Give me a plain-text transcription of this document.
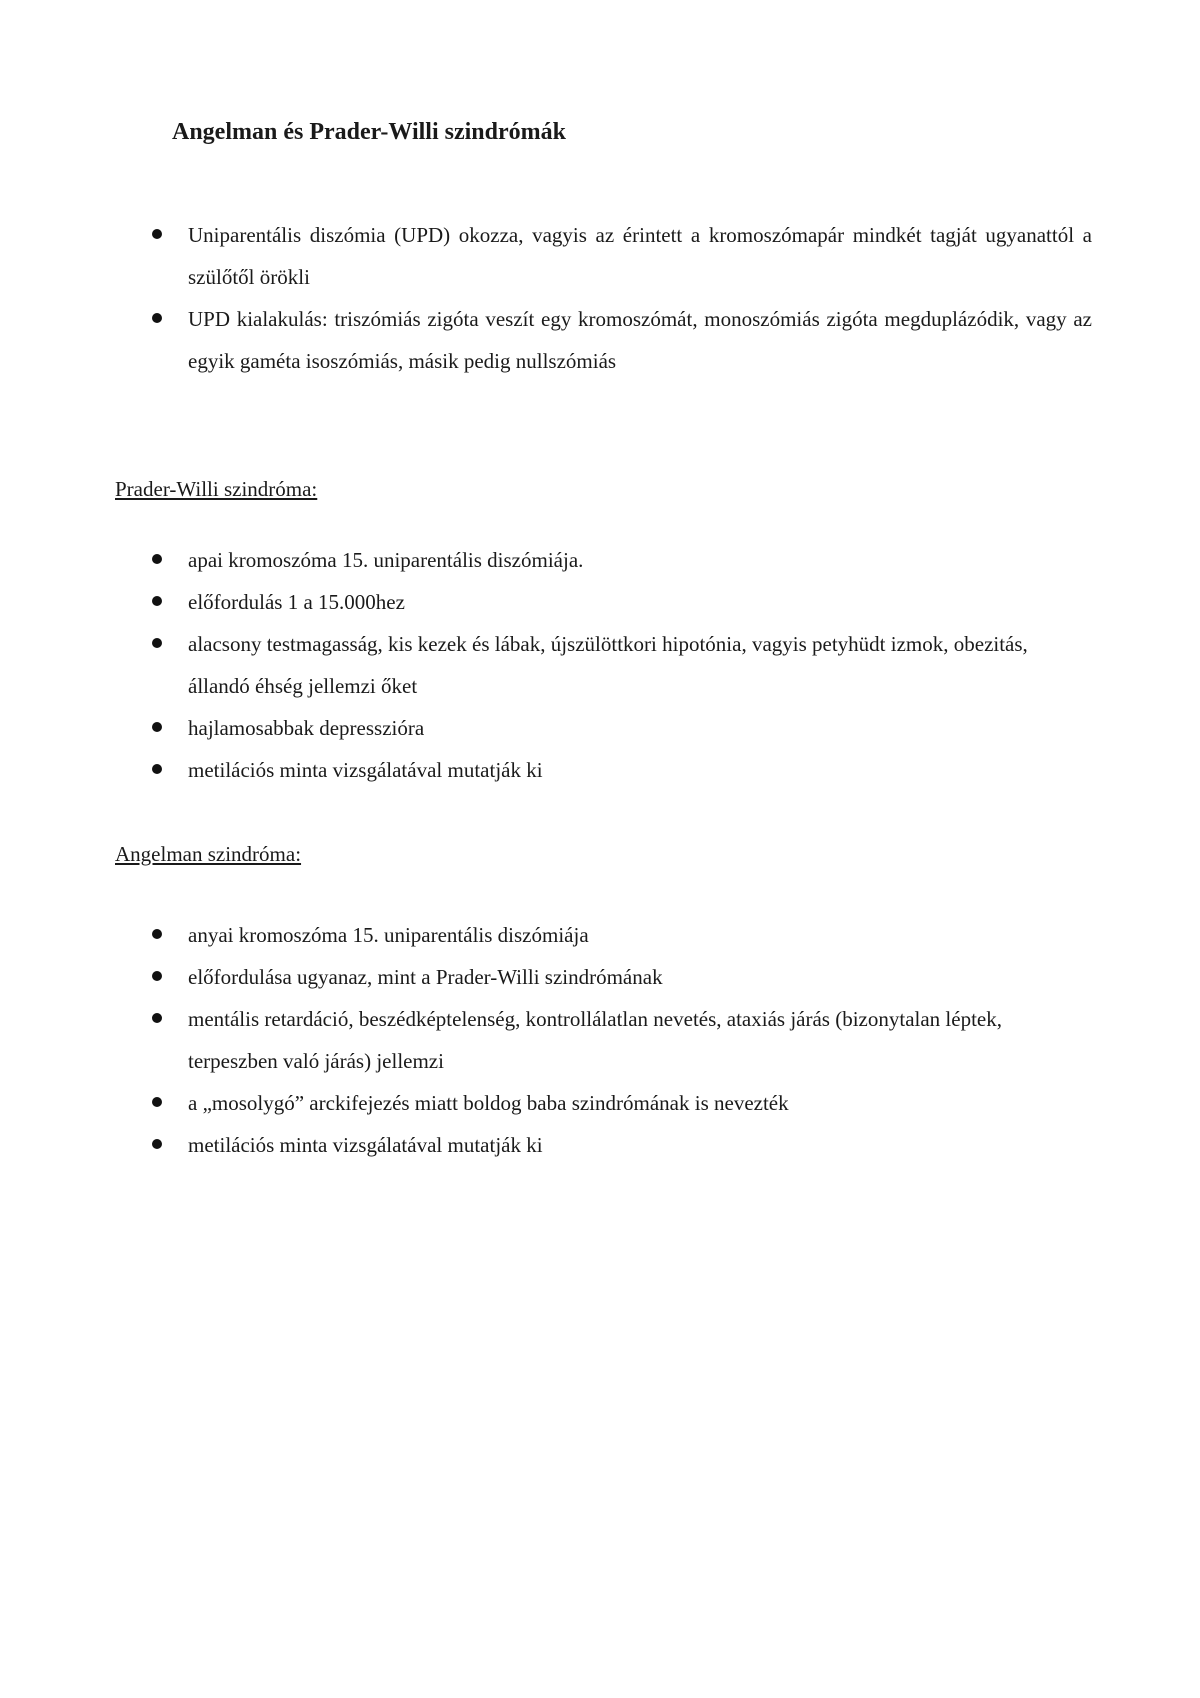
Angelman és Prader-Willi szindrómák
Uniparentális diszómia (UPD) okozza, vagyis az érintett a kromoszómapár mindkét tagját ugyanattól a szülőtől örökli
UPD kialakulás: triszómiás zigóta veszít egy kromoszómát, monoszómiás zigóta megduplázódik, vagy az egyik gaméta isoszómiás, másik pedig nullszómiás

Prader-Willi szindróma:

apai kromoszóma 15. uniparentális diszómiája.
előfordulás 1 a 15.000hez
alacsony testmagasság, kis kezek és lábak, újszülöttkori hipotónia, vagyis petyhüdt izmok, obezitás, állandó éhség jellemzi őket
hajlamosabbak depresszióra
metilációs minta vizsgálatával mutatják ki

Angelman szindróma:

anyai kromoszóma 15. uniparentális diszómiája
előfordulása ugyanaz, mint a Prader-Willi szindrómának
mentális retardáció, beszédképtelenség, kontrollálatlan nevetés, ataxiás járás (bizonytalan léptek, terpeszben való járás) jellemzi
a „mosolygó” arckifejezés miatt boldog baba szindrómának is nevezték
metilációs minta vizsgálatával mutatják ki
